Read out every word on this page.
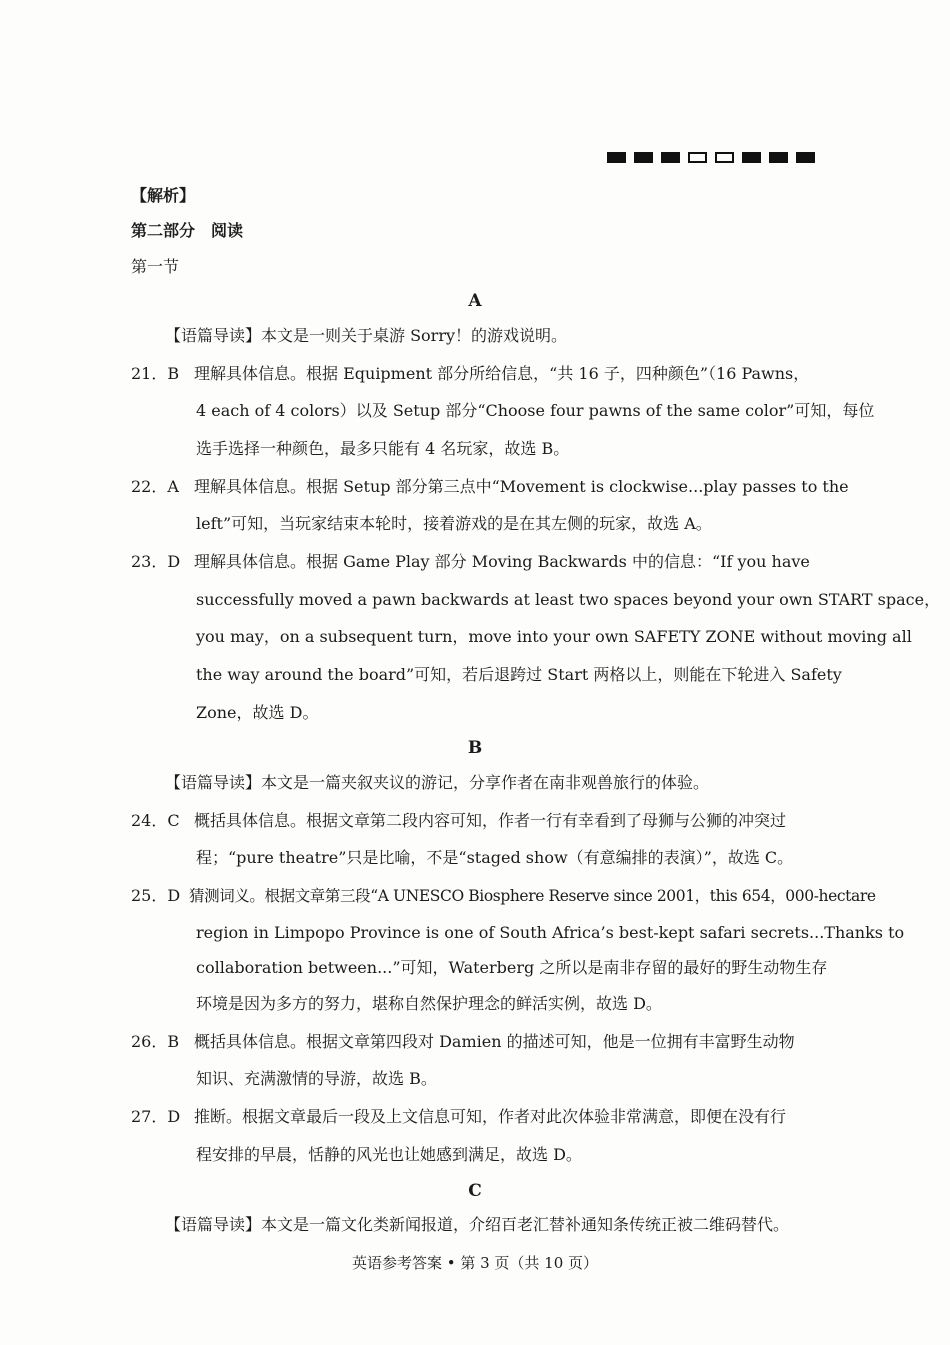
【解析】
第二部分　阅读
第一节
A
【语篇导读】本文是一则关于桌游 Sorry！的游戏说明。
21．B 理解具体信息。根据 Equipment 部分所给信息，“共 16 子，四种颜色”（16 Pawns，
4 each of 4 colors）以及 Setup 部分“Choose four pawns of the same color”可知，每位
选手选择一种颜色，最多只能有 4 名玩家，故选 B。
22．A 理解具体信息。根据 Setup 部分第三点中“Movement is clockwise...play passes to the
left”可知，当玩家结束本轮时，接着游戏的是在其左侧的玩家，故选 A。
23．D 理解具体信息。根据 Game Play 部分 Moving Backwards 中的信息：“If you have
successfully moved a pawn backwards at least two spaces beyond your own START space，
you may，on a subsequent turn，move into your own SAFETY ZONE without moving all
the way around the board”可知，若后退跨过 Start 两格以上，则能在下轮进入 Safety
Zone，故选 D。
B
【语篇导读】本文是一篇夹叙夹议的游记，分享作者在南非观兽旅行的体验。
24．C 概括具体信息。根据文章第二段内容可知，作者一行有幸看到了母狮与公狮的冲突过
程；“pure theatre”只是比喻，不是“staged show（有意编排的表演）”，故选 C。
25．D 猜测词义。根据文章第三段“A UNESCO Biosphere Reserve since 2001，this 654，000-hectare
region in Limpopo Province is one of South Africa’s best-kept safari secrets...Thanks to
collaboration between...”可知，Waterberg 之所以是南非存留的最好的野生动物生存
环境是因为多方的努力，堪称自然保护理念的鲜活实例，故选 D。
26．B 概括具体信息。根据文章第四段对 Damien 的描述可知，他是一位拥有丰富野生动物
知识、充满激情的导游，故选 B。
27．D 推断。根据文章最后一段及上文信息可知，作者对此次体验非常满意，即便在没有行
程安排的早晨，恬静的风光也让她感到满足，故选 D。
C
【语篇导读】本文是一篇文化类新闻报道，介绍百老汇替补通知条传统正被二维码替代。
英语参考答案 • 第 3 页（共 10 页）
